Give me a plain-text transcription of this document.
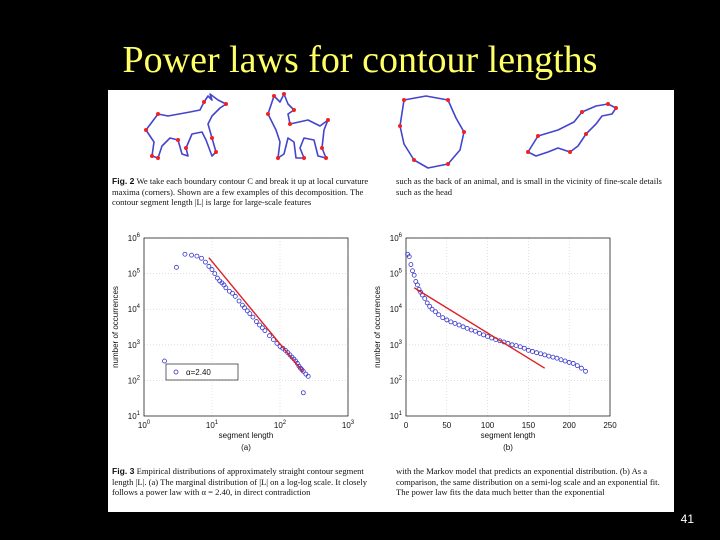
Power laws for contour lengths
Fig. 2 We take each boundary contour C and break it up at local curvature maxima (corners). Shown are a few examples of this decomposition. The contour segment length |L| is large for large-scale features
such as the back of an animal, and is small in the vicinity of fine-scale details such as the head
$10^0$	$10^1$	$10^2$	$10^3$
$10^1$
$10^2$
$10^3$
$10^4$
$10^5$
$10^6$
segment length
number of occurrences
(a)
α=2.40
0	50	100	150	200	250
$10^1$
$10^2$
$10^3$
$10^4$
$10^5$
$10^6$
segment length
number of occurrences
(b)
Fig. 3 Empirical distributions of approximately straight contour segment length |L|. (a) The marginal distribution of |L| on a log-log scale. It closely follows a power law with α = 2.40, in direct contradiction
with the Markov model that predicts an exponential distribution. (b) As a comparison, the same distribution on a semi-log scale and an exponential fit. The power law fits the data much better than the exponential
41
